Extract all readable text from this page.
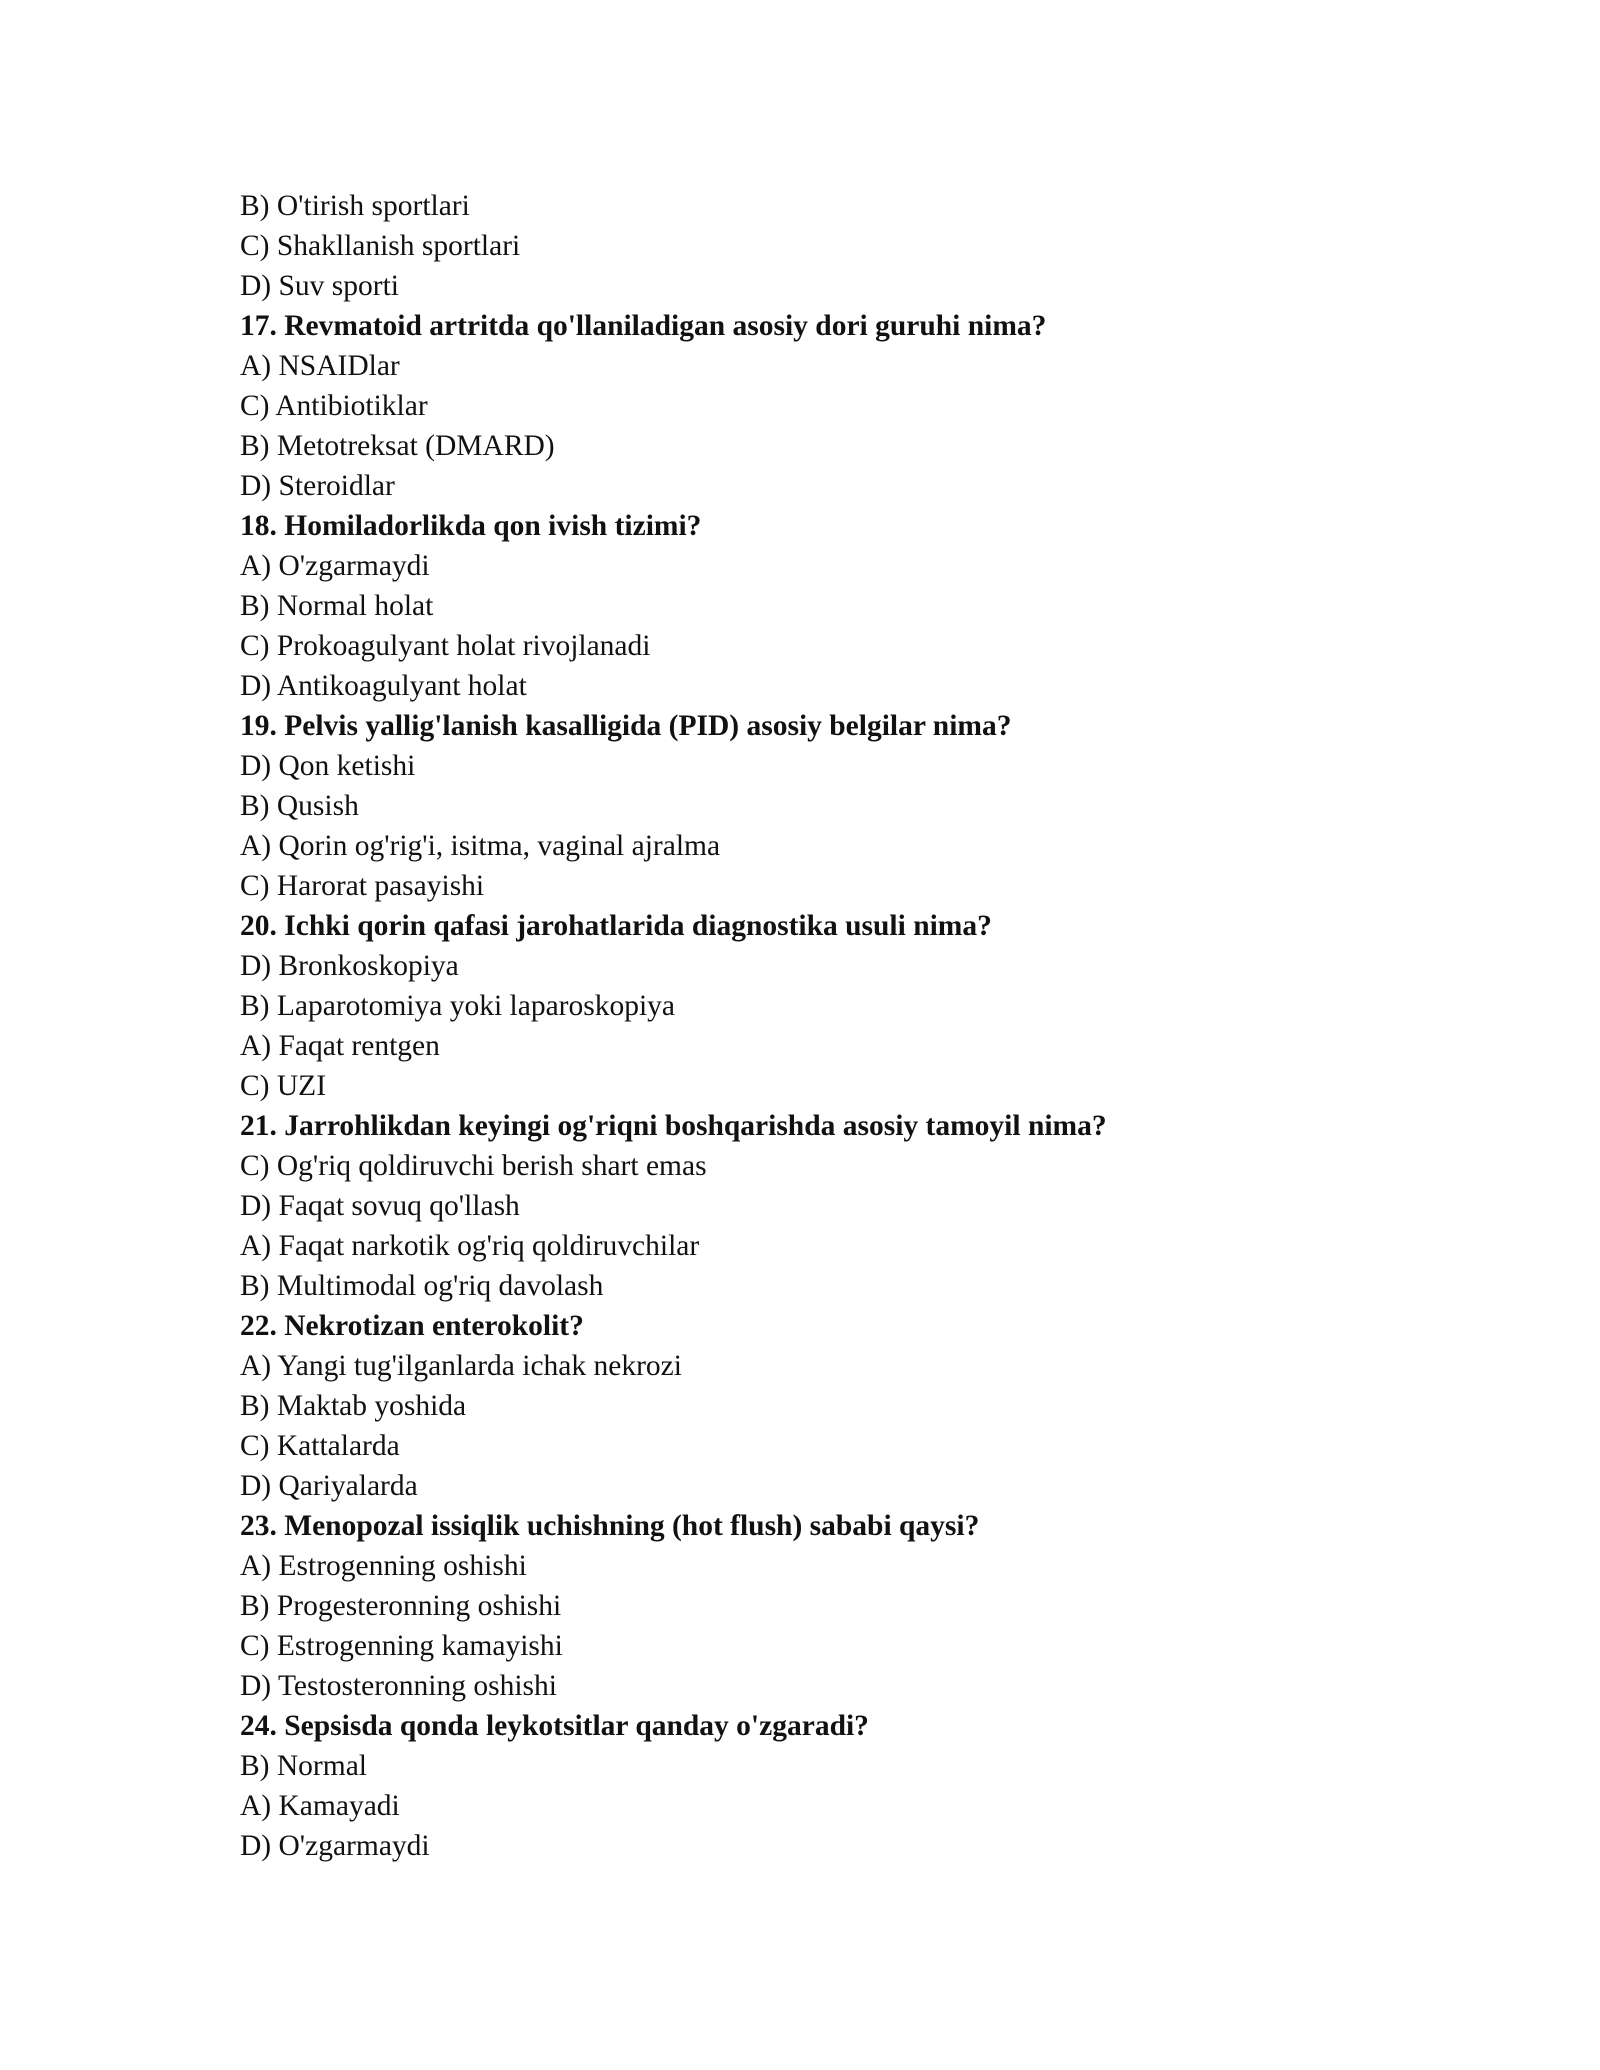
B) O'tirish sportlari
C) Shakllanish sportlari
D) Suv sporti
17. Revmatoid artritda qo'llaniladigan asosiy dori guruhi nima?
A) NSAIDlar
C) Antibiotiklar
B) Metotreksat (DMARD)
D) Steroidlar
18. Homiladorlikda qon ivish tizimi?
A) O'zgarmaydi
B) Normal holat
C) Prokoagulyant holat rivojlanadi
D) Antikoagulyant holat
19. Pelvis yallig'lanish kasalligida (PID) asosiy belgilar nima?
D) Qon ketishi
B) Qusish
A) Qorin og'rig'i, isitma, vaginal ajralma
C) Harorat pasayishi
20. Ichki qorin qafasi jarohatlarida diagnostika usuli nima?
D) Bronkoskopiya
B) Laparotomiya yoki laparoskopiya
A) Faqat rentgen
C) UZI
21. Jarrohlikdan keyingi og'riqni boshqarishda asosiy tamoyil nima?
C) Og'riq qoldiruvchi berish shart emas
D) Faqat sovuq qo'llash
A) Faqat narkotik og'riq qoldiruvchilar
B) Multimodal og'riq davolash
22. Nekrotizan enterokolit?
A) Yangi tug'ilganlarda ichak nekrozi
B) Maktab yoshida
C) Kattalarda
D) Qariyalarda
23. Menopozal issiqlik uchishning (hot flush) sababi qaysi?
A) Estrogenning oshishi
B) Progesteronning oshishi
C) Estrogenning kamayishi
D) Testosteronning oshishi
24. Sepsisda qonda leykotsitlar qanday o'zgaradi?
B) Normal
A) Kamayadi
D) O'zgarmaydi
